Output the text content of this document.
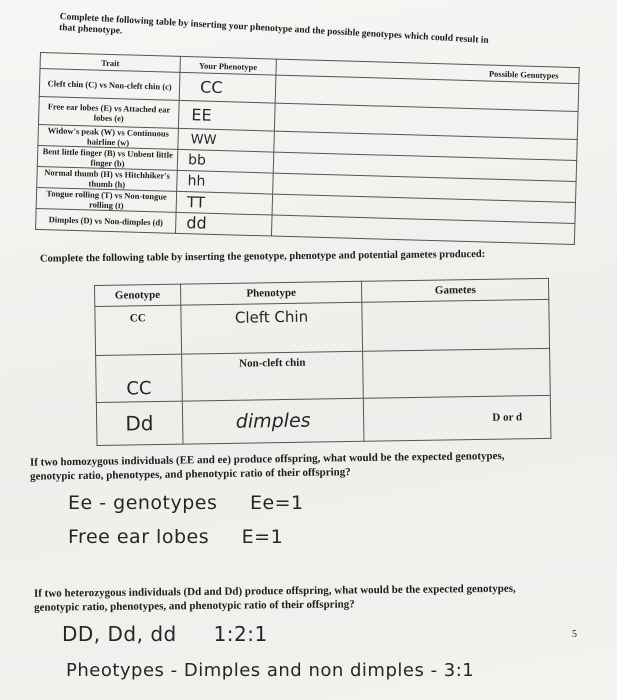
Complete the following table by inserting your phenotype and the possible genotypes which could result in that phenotype.
Trait	Your Phenotype	Possible Genotypes
Cleft chin (C) vs Non-cleft chin (c)	CC	
Free ear lobes (E) vs Attached ear lobes (e)	EE	
Widow's peak (W) vs Continuous hairline (w)	WW	
Bent little finger (B) vs Unbent little finger (b)	bb	
Normal thumb (H) vs Hitchhiker's thumb (h)	hh	
Tongue rolling (T) vs Non-tongue rolling (t)	TT	
Dimples (D) vs Non-dimples (d)	dd	
Complete the following table by inserting the genotype, phenotype and potential gametes produced:
Genotype	Phenotype	Gametes
CC	Cleft Chin	
CC	Non-cleft chin	
Dd	dimples	D or d
If two homozygous individuals (EE and ee) produce offspring, what would be the expected genotypes, genotypic ratio, phenotypes, and phenotypic ratio of their offspring?
Ee - genotypes Ee=1
Free ear lobes E=1
If two heterozygous individuals (Dd and Dd) produce offspring, what would be the expected genotypes, genotypic ratio, phenotypes, and phenotypic ratio of their offspring?
DD, Dd, dd 1:2:1
Pheotypes - Dimples and non dimples - 3:1
5
